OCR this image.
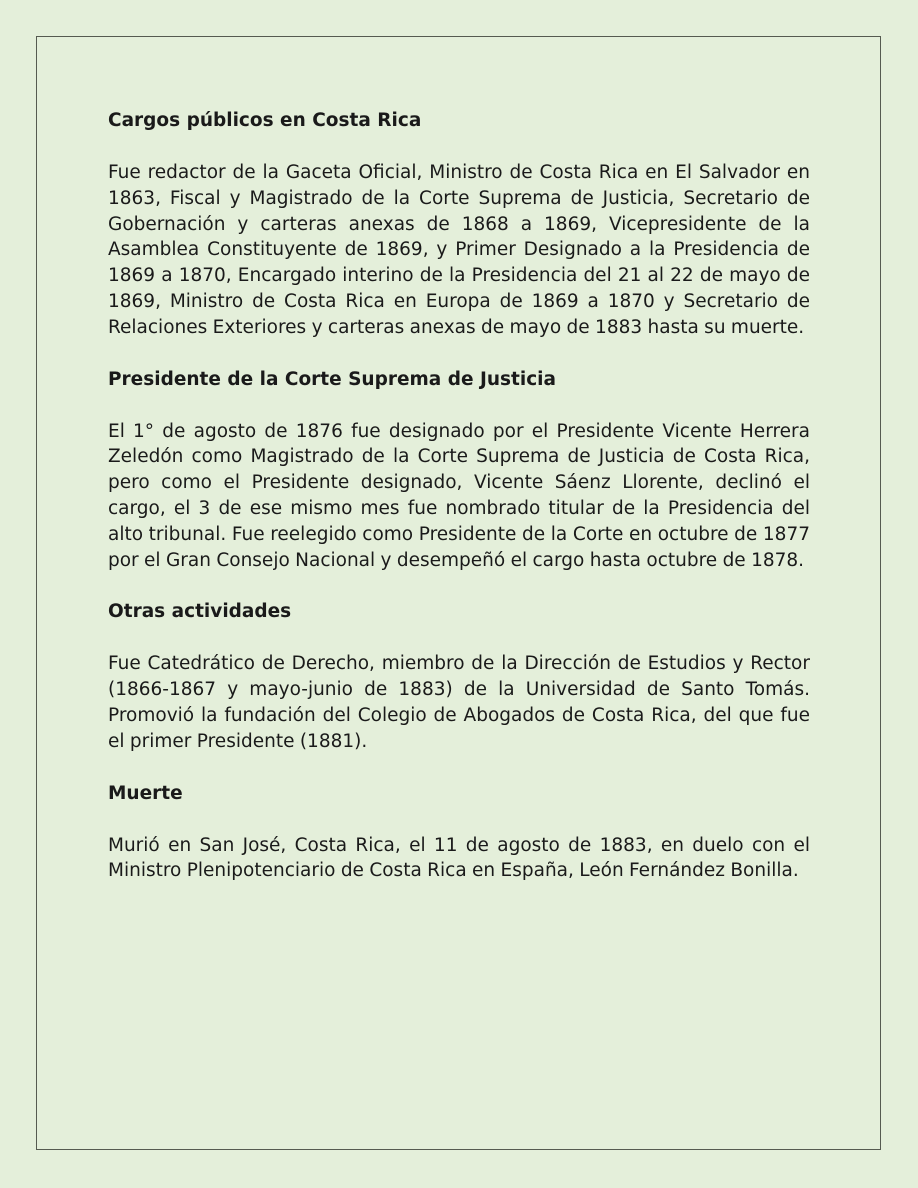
Cargos públicos en Costa Rica

Fue redactor de la Gaceta Oficial, Ministro de Costa Rica en El Salvador en 1863, Fiscal y Magistrado de la Corte Suprema de Justicia, Secretario de Gobernación y carteras anexas de 1868 a 1869, Vicepresidente de la Asamblea Constituyente de 1869, y Primer Designado a la Presidencia de 1869 a 1870, Encargado interino de la Presidencia del 21 al 22 de mayo de 1869, Ministro de Costa Rica en Europa de 1869 a 1870 y Secretario de Relaciones Exteriores y carteras anexas de mayo de 1883 hasta su muerte.

Presidente de la Corte Suprema de Justicia

El 1° de agosto de 1876 fue designado por el Presidente Vicente Herrera Zeledón como Magistrado de la Corte Suprema de Justicia de Costa Rica, pero como el Presidente designado, Vicente Sáenz Llorente, declinó el cargo, el 3 de ese mismo mes fue nombrado titular de la Presidencia del alto tribunal. Fue reelegido como Presidente de la Corte en octubre de 1877 por el Gran Consejo Nacional y desempeñó el cargo hasta octubre de 1878.

Otras actividades

Fue Catedrático de Derecho, miembro de la Dirección de Estudios y Rector (1866-1867 y mayo-junio de 1883) de la Universidad de Santo Tomás. Promovió la fundación del Colegio de Abogados de Costa Rica, del que fue el primer Presidente (1881).

Muerte

Murió en San José, Costa Rica, el 11 de agosto de 1883, en duelo con el Ministro Plenipotenciario de Costa Rica en España, León Fernández Bonilla.
